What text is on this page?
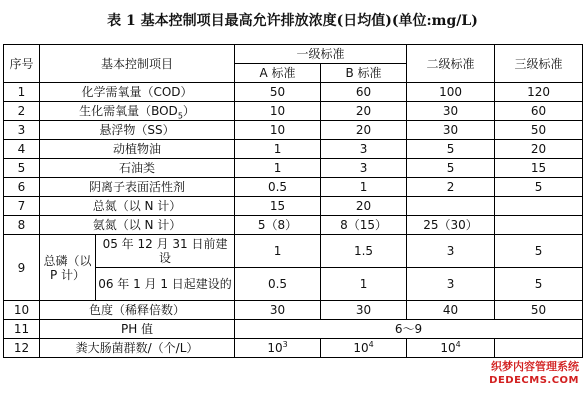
表 1 基本控制项目最高允许排放浓度(日均值)(单位:mg/L)
序号	基本控制项目		一级标准		二级标准	三级标准
			A 标准	B 标准		
1	化学需氧量（COD）		50	60	100	120
2	生化需氧量$(BOD_5)$		10	20	30	60
3	悬浮物（SS）		10	20	30	50
4	动植物油		1	3	5	20
5	石油类		1	3	5	15
6	阴离子表面活性剂		0.5	1	2	5
7	总氮（以 N 计）		15	20		
8	氨氮（以 N 计）		5（8）	8（15）	25（30）	
9	总磷（以 P 计）	05 年 12 月 31 日前建设	1	1.5	3	5
		06 年 1 月 1 日起建设的	0.5	1	3	5
10	色度（稀释倍数）		30	30	40	50
11	PH 值		6～9			
12	粪大肠菌群数/（个/L）		$10^3$	$10^4$	$10^4$	
织梦内容管理系统
DEDECMS.COM
